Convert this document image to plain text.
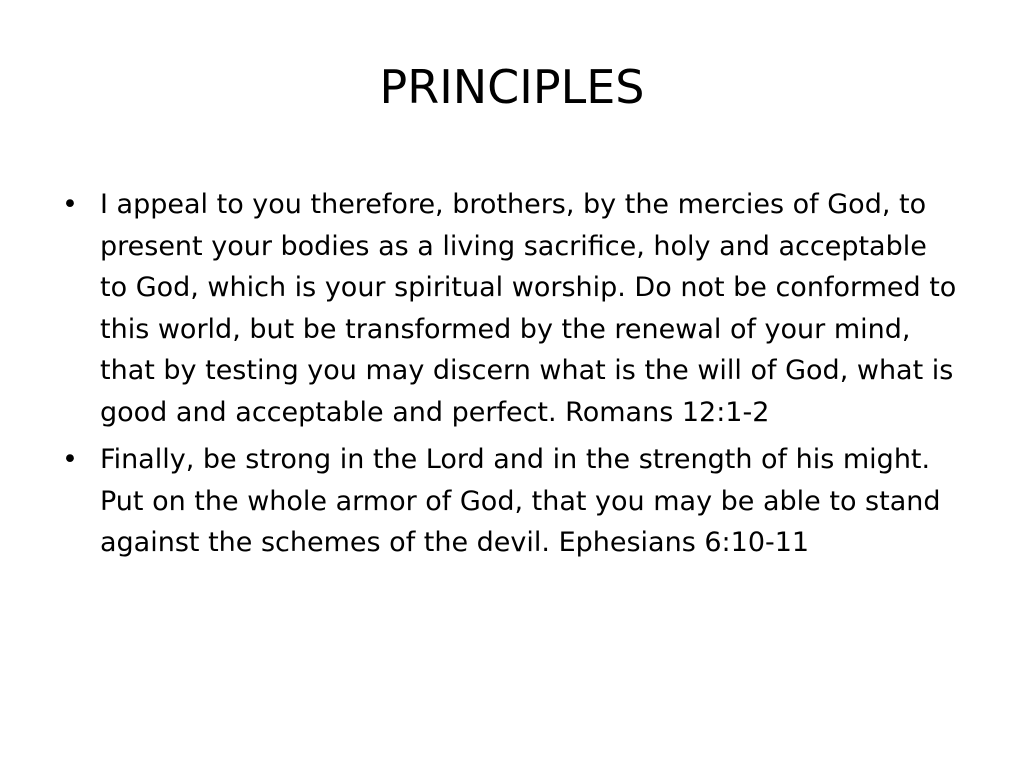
PRINCIPLES
• I appeal to you therefore, brothers, by the mercies of God, to present your bodies as a living sacrifice, holy and acceptable to God, which is your spiritual worship. Do not be conformed to this world, but be transformed by the renewal of your mind, that by testing you may discern what is the will of God, what is good and acceptable and perfect. Romans 12:1-2
• Finally, be strong in the Lord and in the strength of his might. Put on the whole armor of God, that you may be able to stand against the schemes of the devil. Ephesians 6:10-11
